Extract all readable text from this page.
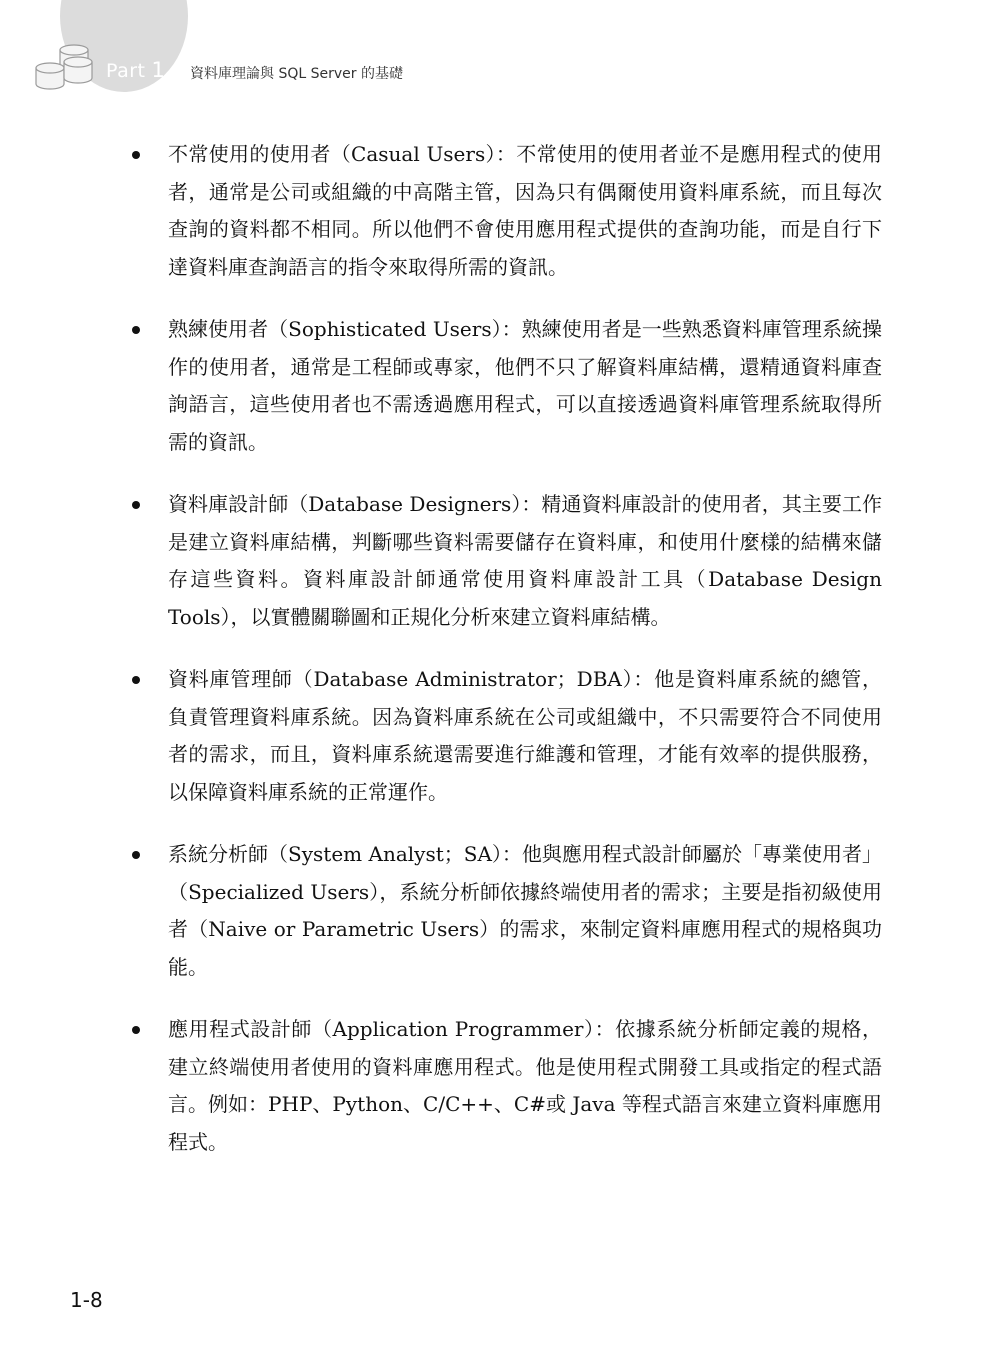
Part 1 資料庫理論與 SQL Server 的基礎
不常使用的使用者（Casual Users）：不常使用的使用者並不是應用程式的使用者，通常是公司或組織的中高階主管，因為只有偶爾使用資料庫系統，而且每次查詢的資料都不相同。所以他們不會使用應用程式提供的查詢功能，而是自行下達資料庫查詢語言的指令來取得所需的資訊。
熟練使用者（Sophisticated Users）：熟練使用者是一些熟悉資料庫管理系統操作的使用者，通常是工程師或專家，他們不只了解資料庫結構，還精通資料庫查詢語言，這些使用者也不需透過應用程式，可以直接透過資料庫管理系統取得所需的資訊。
資料庫設計師（Database Designers）：精通資料庫設計的使用者，其主要工作是建立資料庫結構，判斷哪些資料需要儲存在資料庫，和使用什麼樣的結構來儲存這些資料。資料庫設計師通常使用資料庫設計工具（Database Design Tools），以實體關聯圖和正規化分析來建立資料庫結構。
資料庫管理師（Database Administrator；DBA）：他是資料庫系統的總管，負責管理資料庫系統。因為資料庫系統在公司或組織中，不只需要符合不同使用者的需求，而且，資料庫系統還需要進行維護和管理，才能有效率的提供服務，以保障資料庫系統的正常運作。
系統分析師（System Analyst；SA）：他與應用程式設計師屬於「專業使用者」（Specialized Users），系統分析師依據終端使用者的需求；主要是指初級使用者（Naive or Parametric Users）的需求，來制定資料庫應用程式的規格與功能。
應用程式設計師（Application Programmer）：依據系統分析師定義的規格，建立終端使用者使用的資料庫應用程式。他是使用程式開發工具或指定的程式語言。例如：PHP、Python、C/C++、C#或 Java 等程式語言來建立資料庫應用程式。
1-8
